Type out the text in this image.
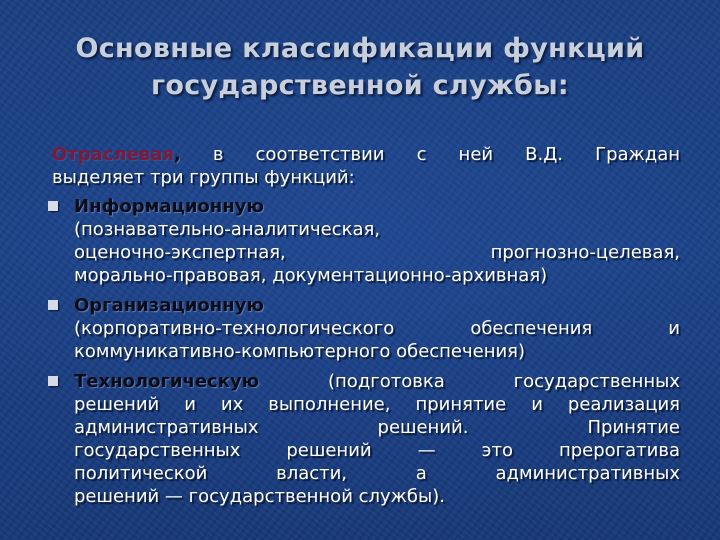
Основные классификации функций
государственной службы:
Отраслевая, в соответствии с ней В.Д. Граждан
выделяет три группы функций:
Информационную
(познавательно-аналитическая,
оценочно-экспертная, прогнозно-целевая,
морально-правовая, документационно-архивная)
Организационную
(корпоративно-технологического обеспечения и
коммуникативно-компьютерного обеспечения)
Технологическую (подготовка государственных
решений и их выполнение, принятие и реализация
административных решений. Принятие
государственных решений — это прерогатива
политической власти, а административных
решений — государственной службы).
